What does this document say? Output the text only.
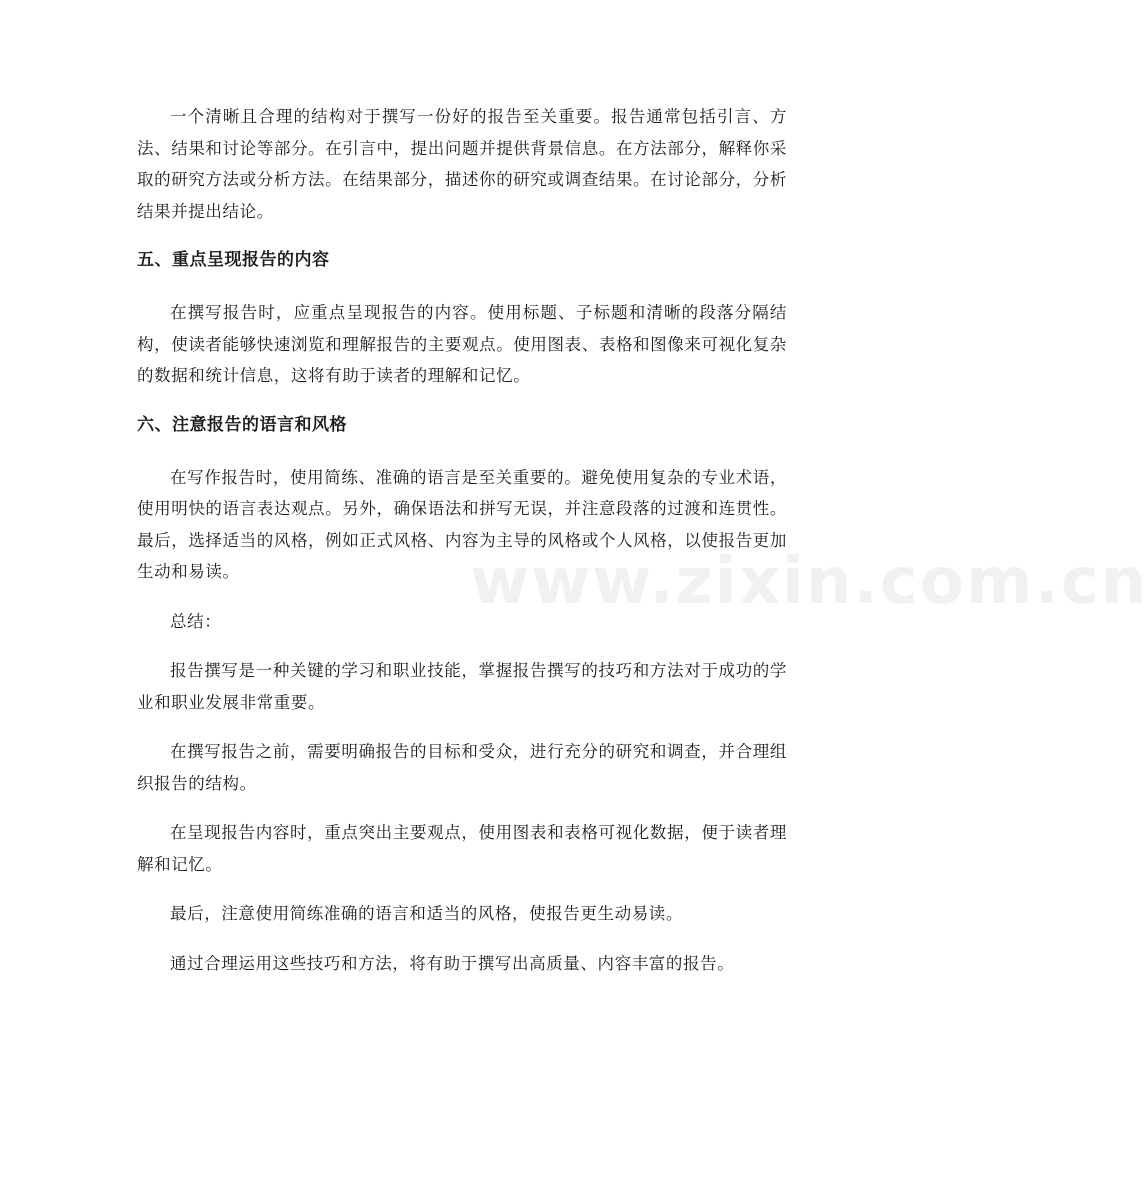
一个清晰且合理的结构对于撰写一份好的报告至关重要。报告通常包括引言、方法、结果和讨论等部分。在引言中，提出问题并提供背景信息。在方法部分，解释你采取的研究方法或分析方法。在结果部分，描述你的研究或调查结果。在讨论部分，分析结果并提出结论。

五、重点呈现报告的内容

在撰写报告时，应重点呈现报告的内容。使用标题、子标题和清晰的段落分隔结构，使读者能够快速浏览和理解报告的主要观点。使用图表、表格和图像来可视化复杂的数据和统计信息，这将有助于读者的理解和记忆。

六、注意报告的语言和风格

在写作报告时，使用简练、准确的语言是至关重要的。避免使用复杂的专业术语，使用明快的语言表达观点。另外，确保语法和拼写无误，并注意段落的过渡和连贯性。最后，选择适当的风格，例如正式风格、内容为主导的风格或个人风格，以使报告更加生动和易读。

总结：

报告撰写是一种关键的学习和职业技能，掌握报告撰写的技巧和方法对于成功的学业和职业发展非常重要。

在撰写报告之前，需要明确报告的目标和受众，进行充分的研究和调查，并合理组织报告的结构。

在呈现报告内容时，重点突出主要观点，使用图表和表格可视化数据，便于读者理解和记忆。

最后，注意使用简练准确的语言和适当的风格，使报告更生动易读。

通过合理运用这些技巧和方法，将有助于撰写出高质量、内容丰富的报告。

www.zixin.com.cn
